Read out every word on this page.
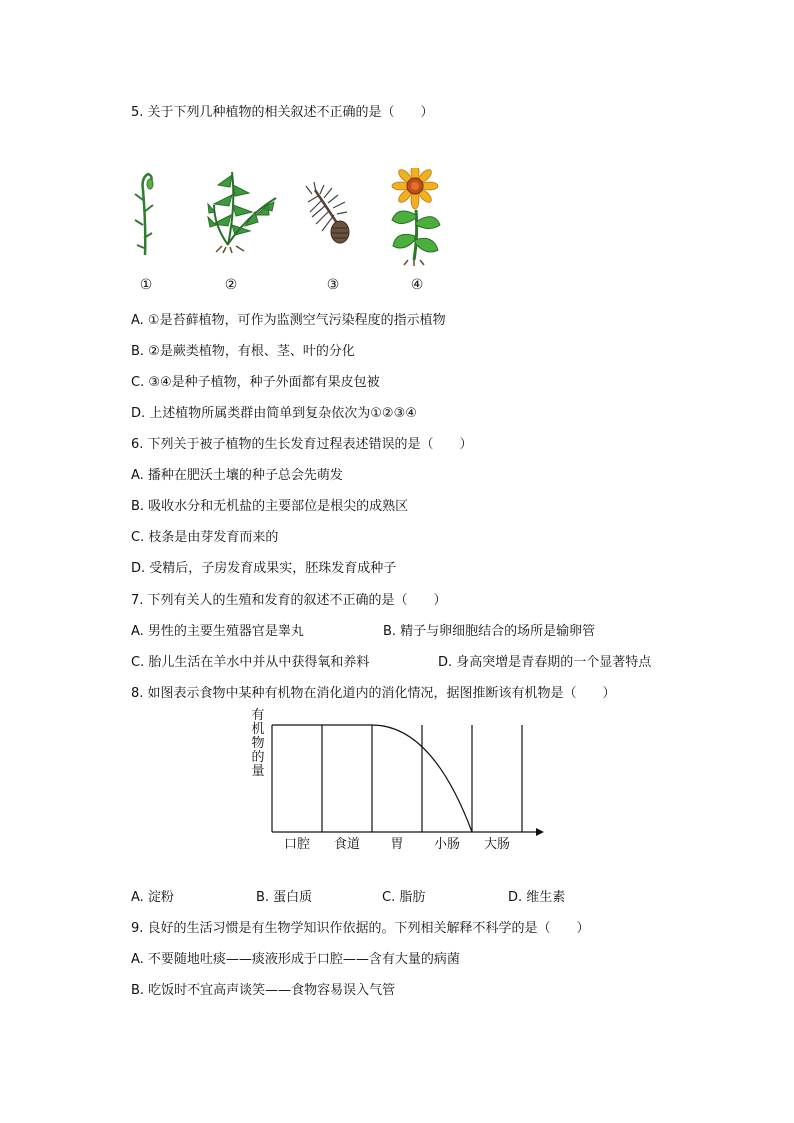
5. 关于下列几种植物的相关叙述不正确的是（　　）
①	②	③	④
A. ①是苔藓植物，可作为监测空气污染程度的指示植物
B. ②是蕨类植物，有根、茎、叶的分化
C. ③④是种子植物，种子外面都有果皮包被
D. 上述植物所属类群由简单到复杂依次为①②③④
6. 下列关于被子植物的生长发育过程表述错误的是（　　）
A. 播种在肥沃土壤的种子总会先萌发
B. 吸收水分和无机盐的主要部位是根尖的成熟区
C. 枝条是由芽发育而来的
D. 受精后，子房发育成果实，胚珠发育成种子
7. 下列有关人的生殖和发育的叙述不正确的是（　　）
A. 男性的主要生殖器官是睾丸	B. 精子与卵细胞结合的场所是输卵管
C. 胎儿生活在羊水中并从中获得氧和养料	D. 身高突增是青春期的一个显著特点
8. 如图表示食物中某种有机物在消化道内的消化情况，据图推断该有机物是（　　）
有
机
物
的
量
口腔 食道 胃 小肠 大肠
A. 淀粉	B. 蛋白质	C. 脂肪	D. 维生素
9. 良好的生活习惯是有生物学知识作依据的。下列相关解释不科学的是（　　）
A. 不要随地吐痰——痰液形成于口腔——含有大量的病菌
B. 吃饭时不宜高声谈笑——食物容易误入气管
